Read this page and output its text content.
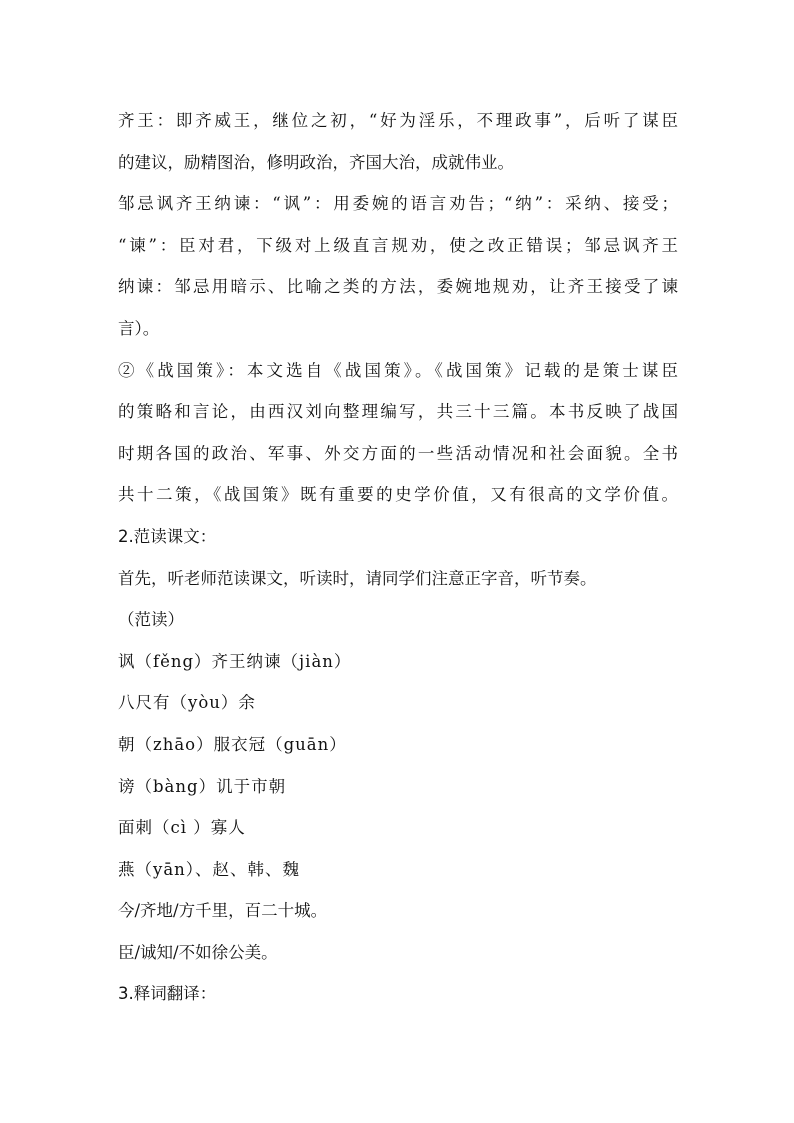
齐王：即齐威王，继位之初，“好为淫乐，不理政事”，后听了谋臣
的建议，励精图治，修明政治，齐国大治，成就伟业。
邹忌讽齐王纳谏：“讽”：用委婉的语言劝告；“纳”：采纳、接受；
“谏”：臣对君，下级对上级直言规劝，使之改正错误；邹忌讽齐王
纳谏：邹忌用暗示、比喻之类的方法，委婉地规劝，让齐王接受了谏
言）。
②《战国策》：本文选自《战国策》。《战国策》记载的是策士谋臣
的策略和言论，由西汉刘向整理编写，共三十三篇。本书反映了战国
时期各国的政治、军事、外交方面的一些活动情况和社会面貌。全书
共十二策，《战国策》既有重要的史学价值，又有很高的文学价值。
2.范读课文：
首先，听老师范读课文，听读时，请同学们注意正字音，听节奏。
（范读）
讽（fěng）齐王纳谏（jiàn）
八尺有（yòu）余
朝（zhāo）服衣冠（guān）
谤（bàng）讥于市朝
面刺（cì ）寡人
燕（yān）、赵、韩、魏
今/齐地/方千里，百二十城。
臣/诚知/不如徐公美。
3.释词翻译：
